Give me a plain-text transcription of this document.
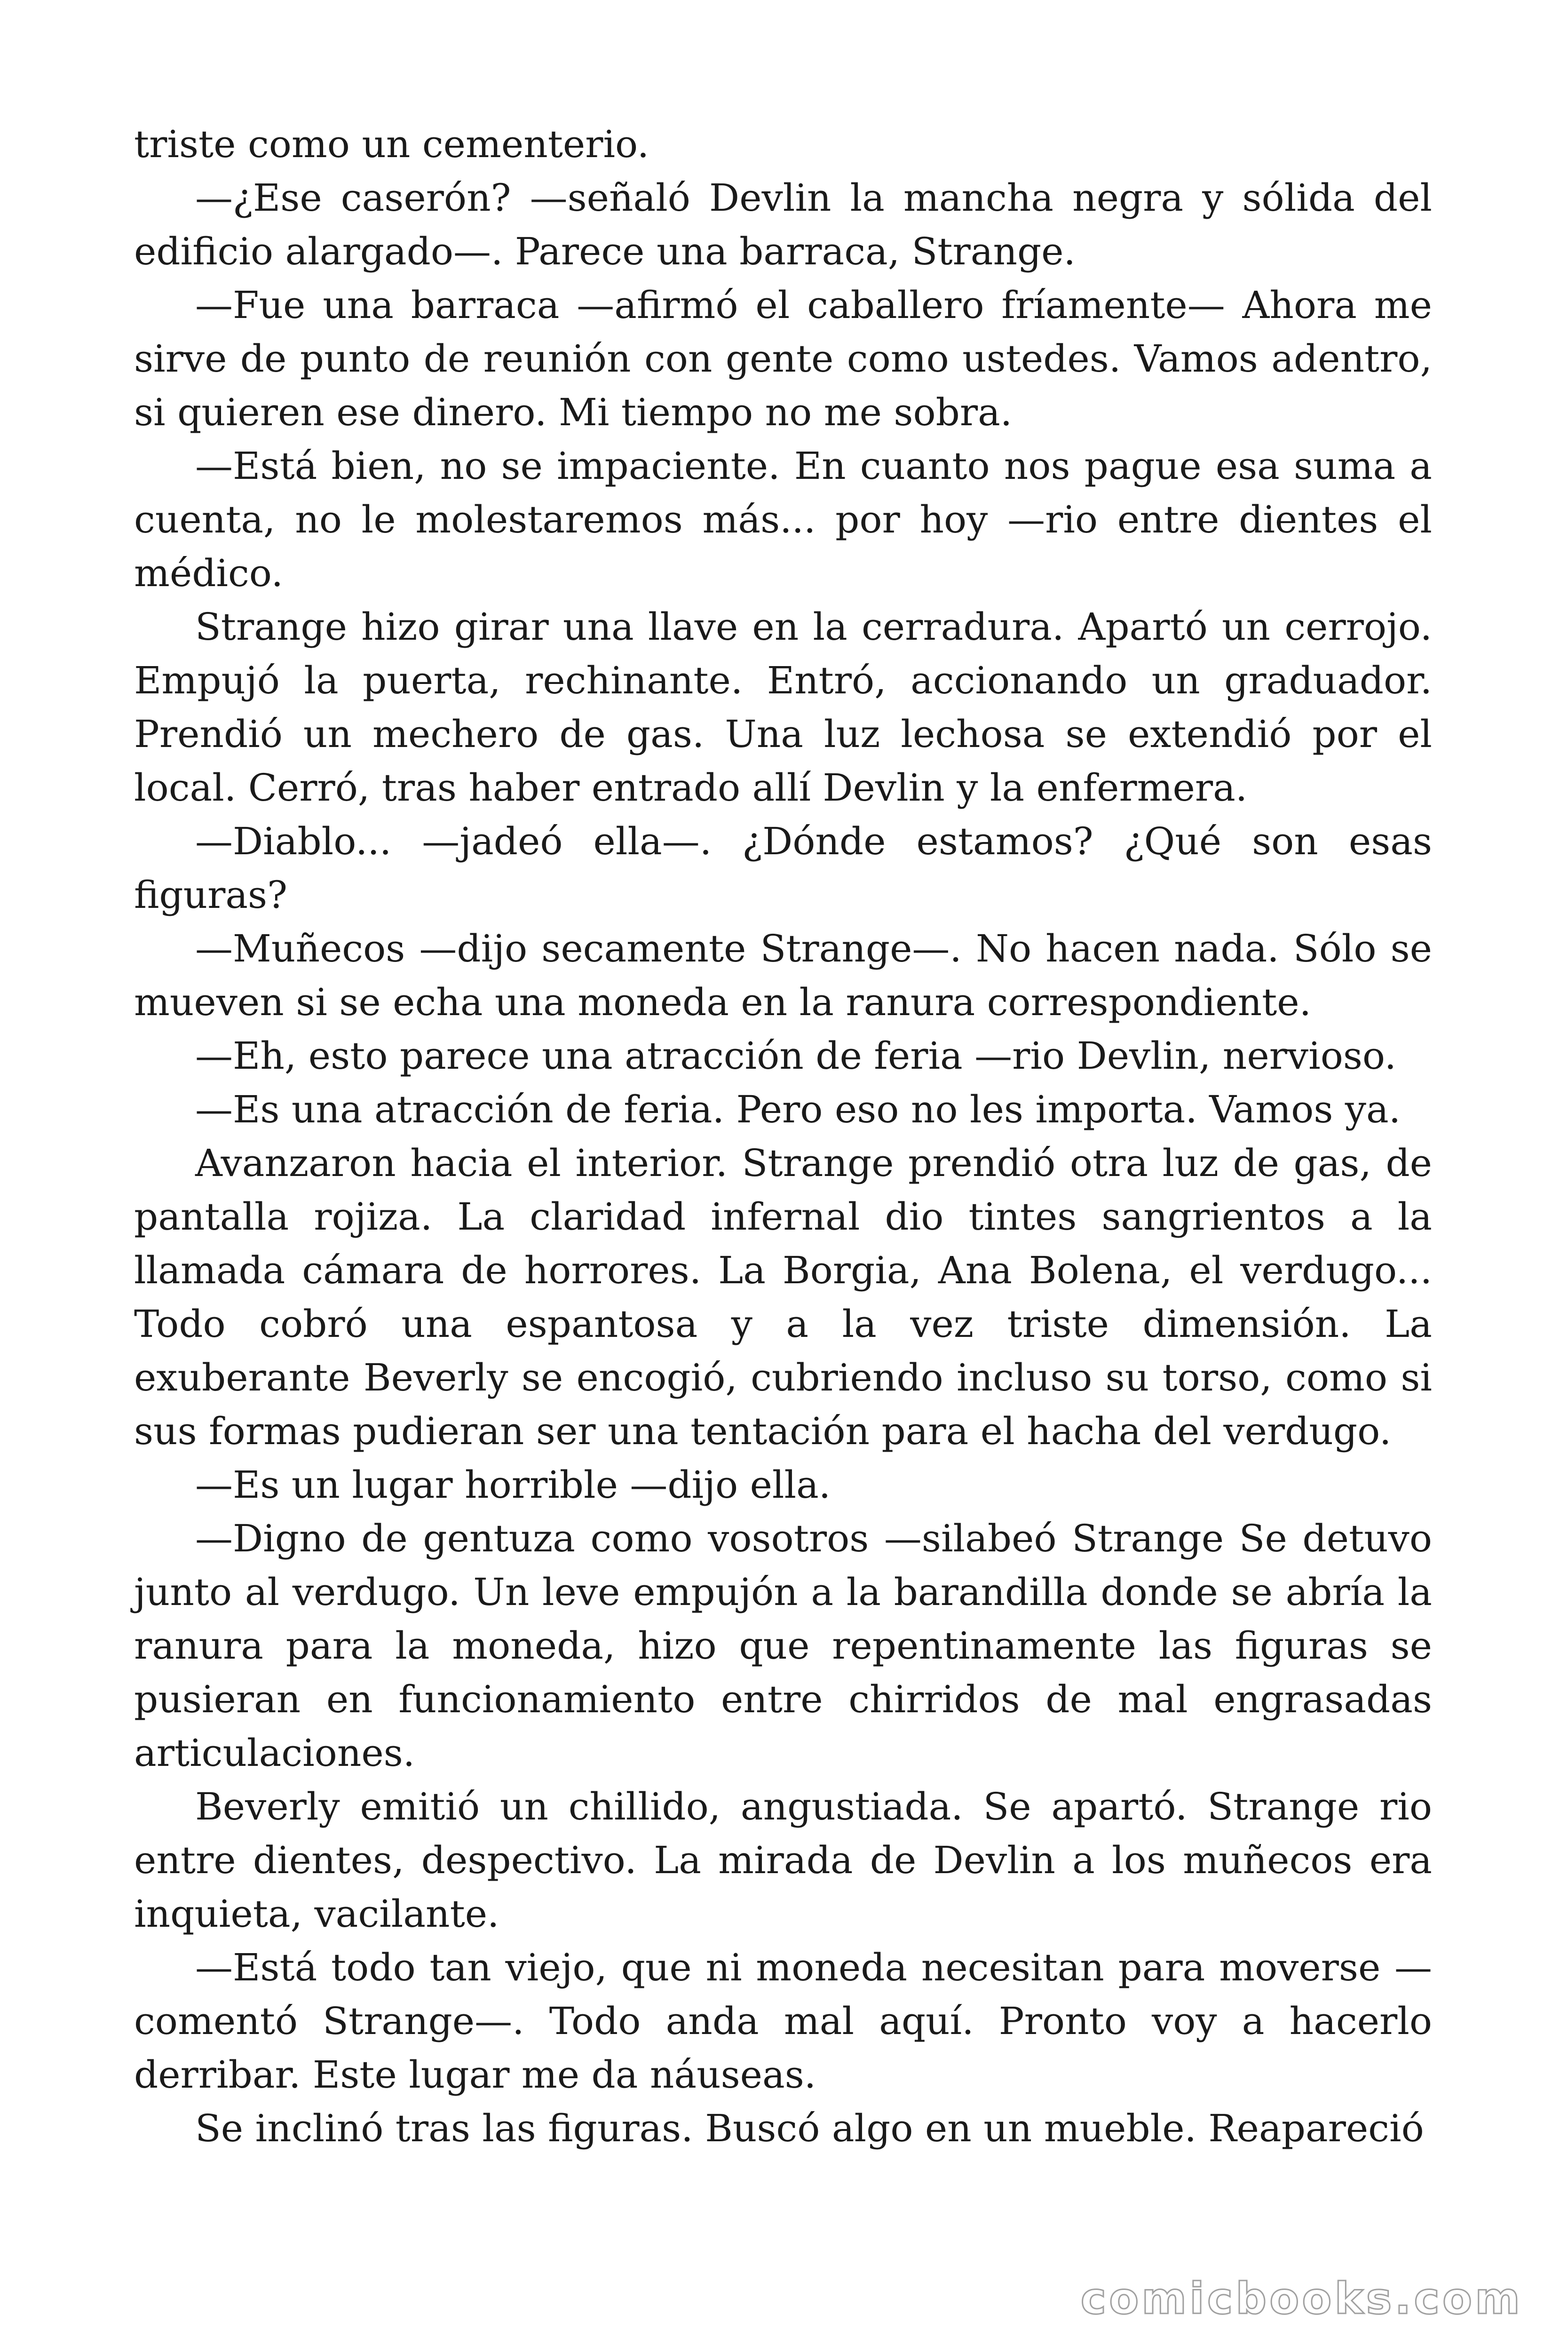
triste como un cementerio.

—¿Ese caserón? —señaló Devlin la mancha negra y sólida del edificio alargado—. Parece una barraca, Strange.

—Fue una barraca —afirmó el caballero fríamente— Ahora me sirve de punto de reunión con gente como ustedes. Vamos adentro, si quieren ese dinero. Mi tiempo no me sobra.

—Está bien, no se impaciente. En cuanto nos pague esa suma a cuenta, no le molestaremos más... por hoy —rio entre dientes el médico.

Strange hizo girar una llave en la cerradura. Apartó un cerrojo. Empujó la puerta, rechinante. Entró, accionando un graduador. Prendió un mechero de gas. Una luz lechosa se extendió por el local. Cerró, tras haber entrado allí Devlin y la enfermera.

—Diablo... —jadeó ella—. ¿Dónde estamos? ¿Qué son esas figuras?

—Muñecos —dijo secamente Strange—. No hacen nada. Sólo se mueven si se echa una moneda en la ranura correspondiente.

—Eh, esto parece una atracción de feria —rio Devlin, nervioso.

—Es una atracción de feria. Pero eso no les importa. Vamos ya.

Avanzaron hacia el interior. Strange prendió otra luz de gas, de pantalla rojiza. La claridad infernal dio tintes sangrientos a la llamada cámara de horrores. La Borgia, Ana Bolena, el verdugo... Todo cobró una espantosa y a la vez triste dimensión. La exuberante Beverly se encogió, cubriendo incluso su torso, como si sus formas pudieran ser una tentación para el hacha del verdugo.

—Es un lugar horrible —dijo ella.

—Digno de gentuza como vosotros —silabeó Strange Se detuvo junto al verdugo. Un leve empujón a la barandilla donde se abría la ranura para la moneda, hizo que repentinamente las figuras se pusieran en funcionamiento entre chirridos de mal engrasadas articulaciones.

Beverly emitió un chillido, angustiada. Se apartó. Strange rio entre dientes, despectivo. La mirada de Devlin a los muñecos era inquieta, vacilante.

—Está todo tan viejo, que ni moneda necesitan para moverse — comentó Strange—. Todo anda mal aquí. Pronto voy a hacerlo derribar. Este lugar me da náuseas.

Se inclinó tras las figuras. Buscó algo en un mueble. Reapareció

comicbooks.com
